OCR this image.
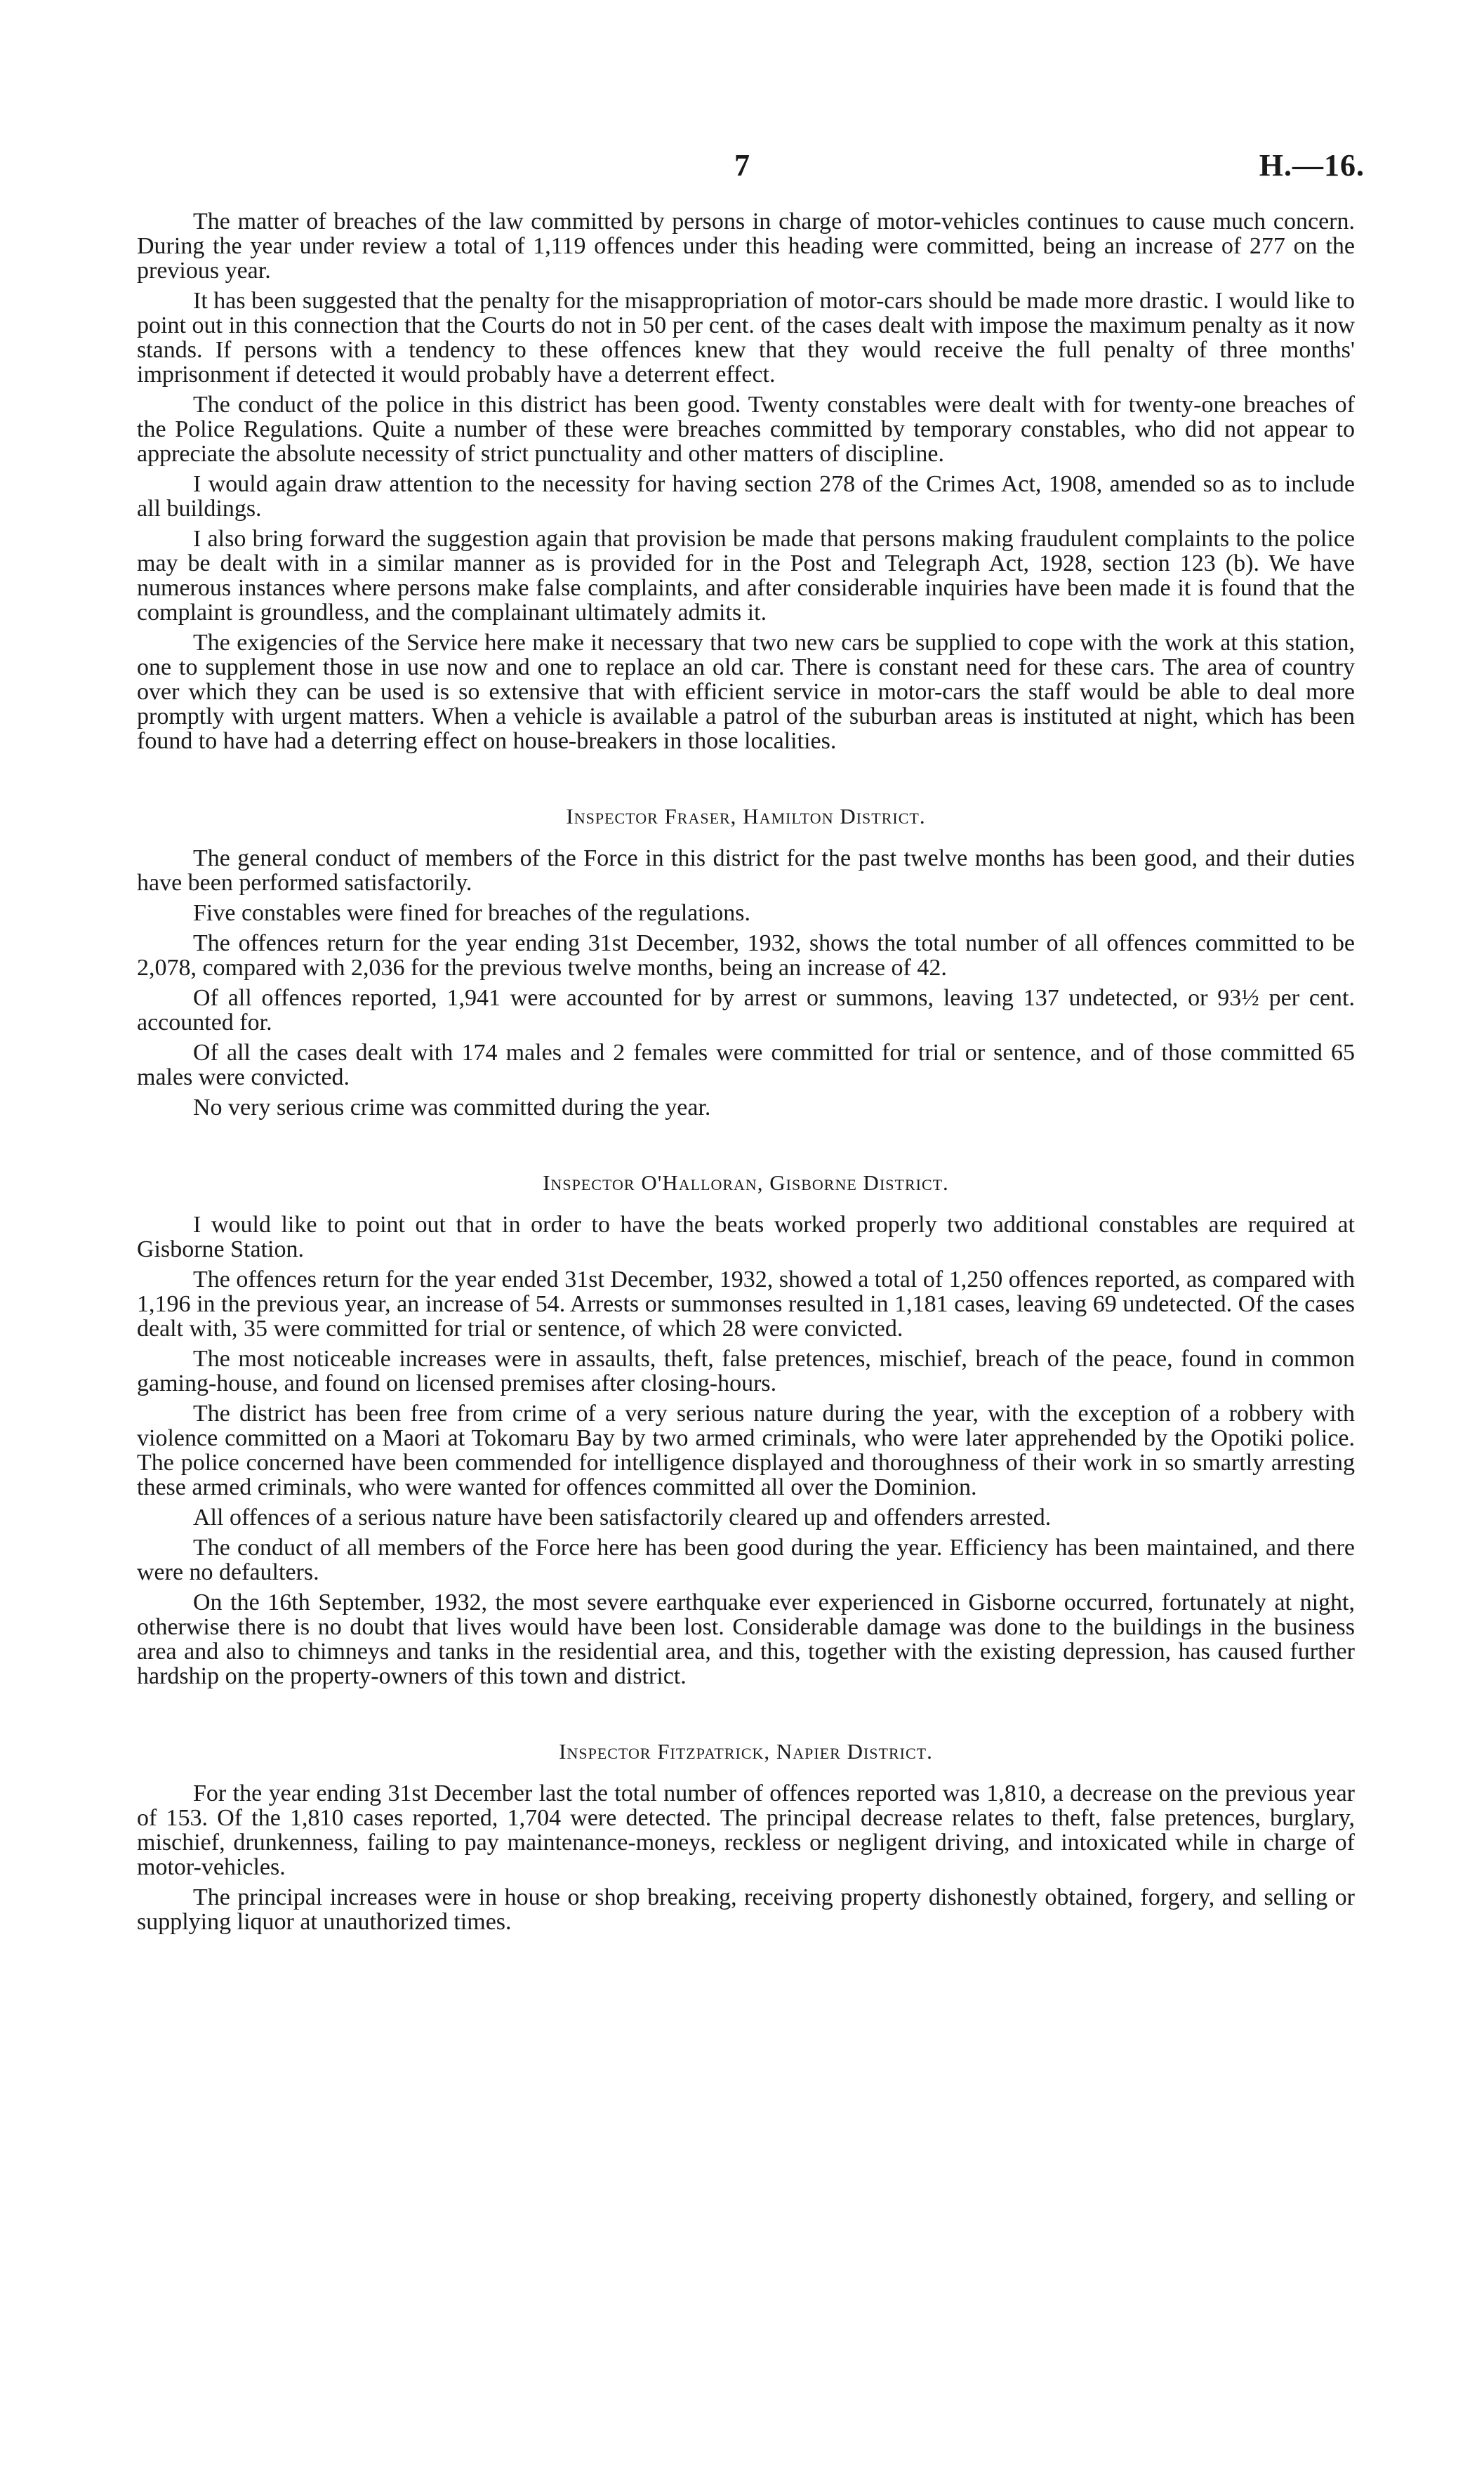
7	H.—16.

The matter of breaches of the law committed by persons in charge of motor-vehicles continues to cause much concern. During the year under review a total of 1,119 offences under this heading were committed, being an increase of 277 on the previous year.

It has been suggested that the penalty for the misappropriation of motor-cars should be made more drastic. I would like to point out in this connection that the Courts do not in 50 per cent. of the cases dealt with impose the maximum penalty as it now stands. If persons with a tendency to these offences knew that they would receive the full penalty of three months' imprisonment if detected it would probably have a deterrent effect.

The conduct of the police in this district has been good. Twenty constables were dealt with for twenty-one breaches of the Police Regulations. Quite a number of these were breaches committed by temporary constables, who did not appear to appreciate the absolute necessity of strict punctuality and other matters of discipline.

I would again draw attention to the necessity for having section 278 of the Crimes Act, 1908, amended so as to include all buildings.

I also bring forward the suggestion again that provision be made that persons making fraudulent complaints to the police may be dealt with in a similar manner as is provided for in the Post and Telegraph Act, 1928, section 123 (b). We have numerous instances where persons make false complaints, and after considerable inquiries have been made it is found that the complaint is groundless, and the complainant ultimately admits it.

The exigencies of the Service here make it necessary that two new cars be supplied to cope with the work at this station, one to supplement those in use now and one to replace an old car. There is constant need for these cars. The area of country over which they can be used is so extensive that with efficient service in motor-cars the staff would be able to deal more promptly with urgent matters. When a vehicle is available a patrol of the suburban areas is instituted at night, which has been found to have had a deterring effect on house-breakers in those localities.

Inspector Fraser, Hamilton District.

The general conduct of members of the Force in this district for the past twelve months has been good, and their duties have been performed satisfactorily.

Five constables were fined for breaches of the regulations.

The offences return for the year ending 31st December, 1932, shows the total number of all offences committed to be 2,078, compared with 2,036 for the previous twelve months, being an increase of 42.

Of all offences reported, 1,941 were accounted for by arrest or summons, leaving 137 undetected, or 93½ per cent. accounted for.

Of all the cases dealt with 174 males and 2 females were committed for trial or sentence, and of those committed 65 males were convicted.

No very serious crime was committed during the year.

Inspector O'Halloran, Gisborne District.

I would like to point out that in order to have the beats worked properly two additional constables are required at Gisborne Station.

The offences return for the year ended 31st December, 1932, showed a total of 1,250 offences reported, as compared with 1,196 in the previous year, an increase of 54. Arrests or summonses resulted in 1,181 cases, leaving 69 undetected. Of the cases dealt with, 35 were committed for trial or sentence, of which 28 were convicted.

The most noticeable increases were in assaults, theft, false pretences, mischief, breach of the peace, found in common gaming-house, and found on licensed premises after closing-hours.

The district has been free from crime of a very serious nature during the year, with the exception of a robbery with violence committed on a Maori at Tokomaru Bay by two armed criminals, who were later apprehended by the Opotiki police. The police concerned have been commended for intelligence displayed and thoroughness of their work in so smartly arresting these armed criminals, who were wanted for offences committed all over the Dominion.

All offences of a serious nature have been satisfactorily cleared up and offenders arrested.

The conduct of all members of the Force here has been good during the year. Efficiency has been maintained, and there were no defaulters.

On the 16th September, 1932, the most severe earthquake ever experienced in Gisborne occurred, fortunately at night, otherwise there is no doubt that lives would have been lost. Considerable damage was done to the buildings in the business area and also to chimneys and tanks in the residential area, and this, together with the existing depression, has caused further hardship on the property-owners of this town and district.

Inspector Fitzpatrick, Napier District.

For the year ending 31st December last the total number of offences reported was 1,810, a decrease on the previous year of 153. Of the 1,810 cases reported, 1,704 were detected. The principal decrease relates to theft, false pretences, burglary, mischief, drunkenness, failing to pay maintenance-moneys, reckless or negligent driving, and intoxicated while in charge of motor-vehicles.

The principal increases were in house or shop breaking, receiving property dishonestly obtained, forgery, and selling or supplying liquor at unauthorized times.
